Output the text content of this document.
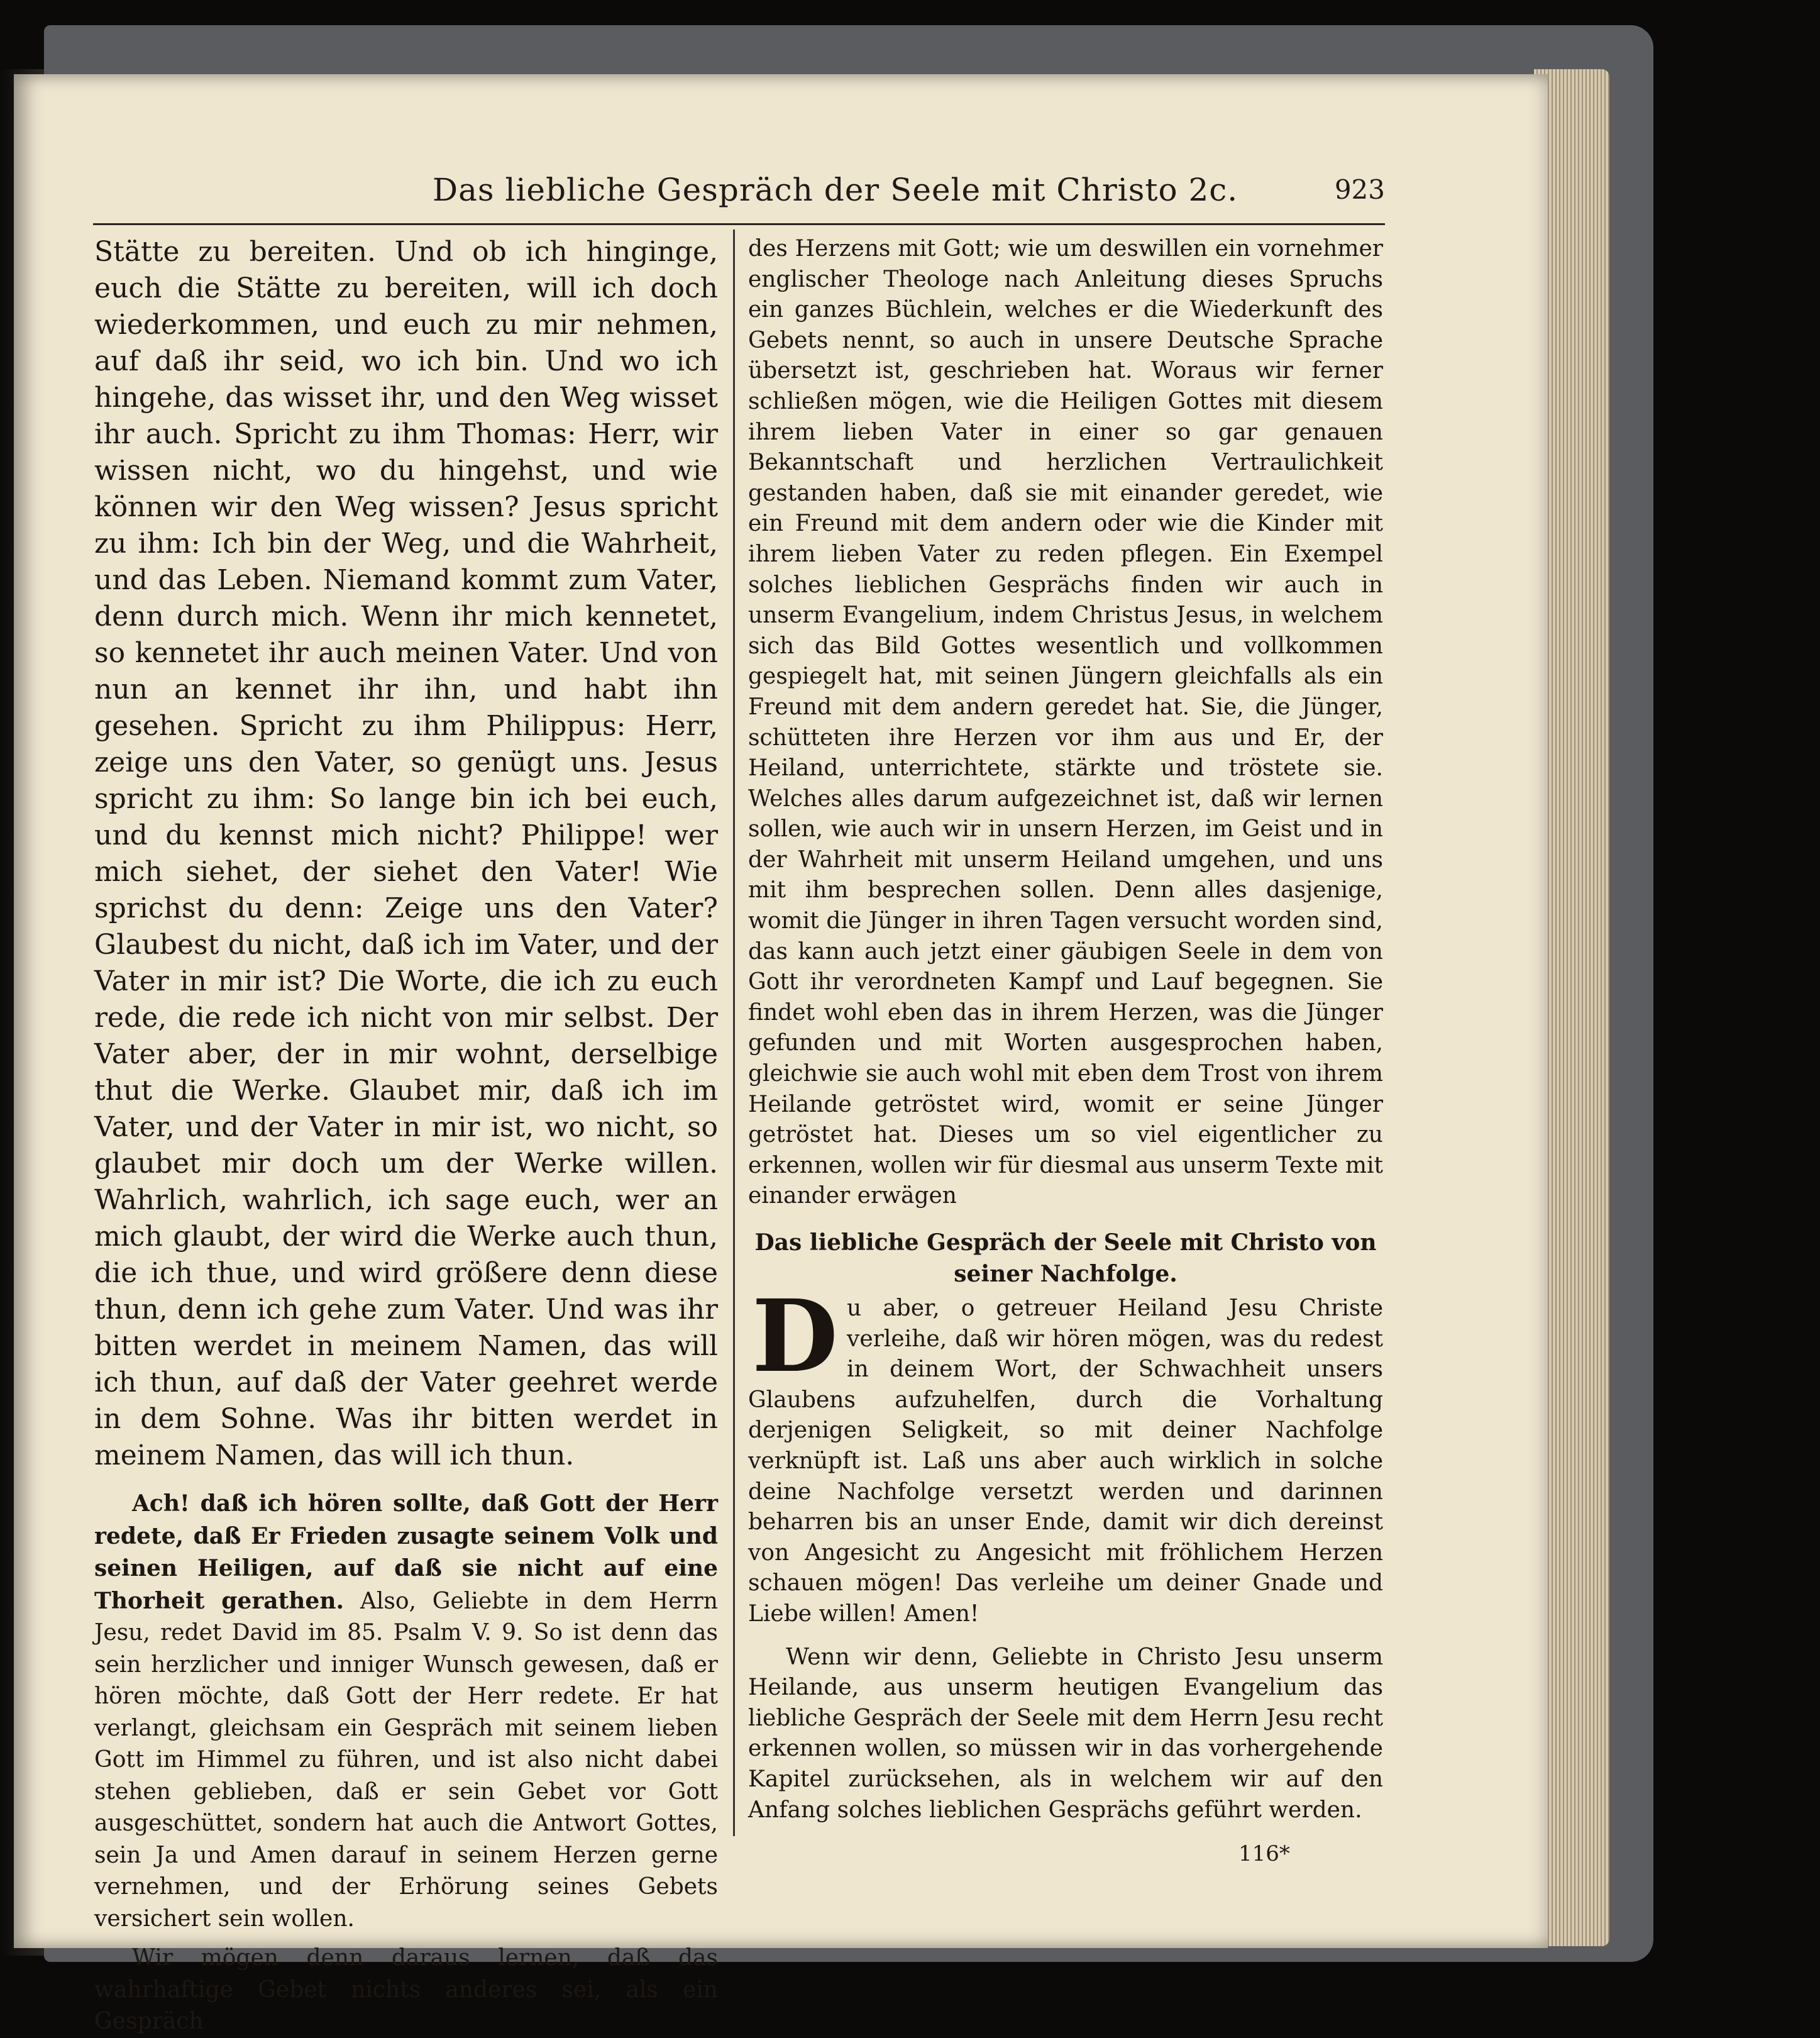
Das liebliche Gespräch der Seele mit Christo 2c.	923

Stätte zu bereiten. Und ob ich hinginge, euch die Stätte zu bereiten, will ich doch wiederkommen, und euch zu mir nehmen, auf daß ihr seid, wo ich bin. Und wo ich hingehe, das wisset ihr, und den Weg wisset ihr auch. Spricht zu ihm Thomas: Herr, wir wissen nicht, wo du hingehst, und wie können wir den Weg wissen? Jesus spricht zu ihm: Ich bin der Weg, und die Wahrheit, und das Leben. Niemand kommt zum Vater, denn durch mich. Wenn ihr mich kennetet, so kennetet ihr auch meinen Vater. Und von nun an kennet ihr ihn, und habt ihn gesehen. Spricht zu ihm Philippus: Herr, zeige uns den Vater, so genügt uns. Jesus spricht zu ihm: So lange bin ich bei euch, und du kennst mich nicht? Philippe! wer mich siehet, der siehet den Vater! Wie sprichst du denn: Zeige uns den Vater? Glaubest du nicht, daß ich im Vater, und der Vater in mir ist? Die Worte, die ich zu euch rede, die rede ich nicht von mir selbst. Der Vater aber, der in mir wohnt, derselbige thut die Werke. Glaubet mir, daß ich im Vater, und der Vater in mir ist, wo nicht, so glaubet mir doch um der Werke willen. Wahrlich, wahrlich, ich sage euch, wer an mich glaubt, der wird die Werke auch thun, die ich thue, und wird größere denn diese thun, denn ich gehe zum Vater. Und was ihr bitten werdet in meinem Namen, das will ich thun, auf daß der Vater geehret werde in dem Sohne. Was ihr bitten werdet in meinem Namen, das will ich thun.

Ach! daß ich hören sollte, daß Gott der Herr redete, daß Er Frieden zusagte seinem Volk und seinen Heiligen, auf daß sie nicht auf eine Thorheit gerathen. Also, Geliebte in dem Herrn Jesu, redet David im 85. Psalm V. 9. So ist denn das sein herzlicher und inniger Wunsch gewesen, daß er hören möchte, daß Gott der Herr redete. Er hat verlangt, gleichsam ein Gespräch mit seinem lieben Gott im Himmel zu führen, und ist also nicht dabei stehen geblieben, daß er sein Gebet vor Gott ausgeschüttet, sondern hat auch die Antwort Gottes, sein Ja und Amen darauf in seinem Herzen gerne vernehmen, und der Erhörung seines Gebets versichert sein wollen.

Wir mögen denn daraus lernen, daß das wahrhaftige Gebet nichts anderes sei, als ein Gespräch

des Herzens mit Gott; wie um deswillen ein vornehmer englischer Theologe nach Anleitung dieses Spruchs ein ganzes Büchlein, welches er die Wiederkunft des Gebets nennt, so auch in unsere Deutsche Sprache übersetzt ist, geschrieben hat. Woraus wir ferner schließen mögen, wie die Heiligen Gottes mit diesem ihrem lieben Vater in einer so gar genauen Bekanntschaft und herzlichen Vertraulichkeit gestanden haben, daß sie mit einander geredet, wie ein Freund mit dem andern oder wie die Kinder mit ihrem lieben Vater zu reden pflegen. Ein Exempel solches lieblichen Gesprächs finden wir auch in unserm Evangelium, indem Christus Jesus, in welchem sich das Bild Gottes wesentlich und vollkommen gespiegelt hat, mit seinen Jüngern gleichfalls als ein Freund mit dem andern geredet hat. Sie, die Jünger, schütteten ihre Herzen vor ihm aus und Er, der Heiland, unterrichtete, stärkte und tröstete sie. Welches alles darum aufgezeichnet ist, daß wir lernen sollen, wie auch wir in unsern Herzen, im Geist und in der Wahrheit mit unserm Heiland umgehen, und uns mit ihm besprechen sollen. Denn alles dasjenige, womit die Jünger in ihren Tagen versucht worden sind, das kann auch jetzt einer gäubigen Seele in dem von Gott ihr verordneten Kampf und Lauf begegnen. Sie findet wohl eben das in ihrem Herzen, was die Jünger gefunden und mit Worten ausgesprochen haben, gleichwie sie auch wohl mit eben dem Trost von ihrem Heilande getröstet wird, womit er seine Jünger getröstet hat. Dieses um so viel eigentlicher zu erkennen, wollen wir für diesmal aus unserm Texte mit einander erwägen

Das liebliche Gespräch der Seele mit Christo von seiner Nachfolge.

Du aber, o getreuer Heiland Jesu Christe verleihe, daß wir hören mögen, was du redest in deinem Wort, der Schwachheit unsers Glaubens aufzuhelfen, durch die Vorhaltung derjenigen Seligkeit, so mit deiner Nachfolge verknüpft ist. Laß uns aber auch wirklich in solche deine Nachfolge versetzt werden und darinnen beharren bis an unser Ende, damit wir dich dereinst von Angesicht zu Angesicht mit fröhlichem Herzen schauen mögen! Das verleihe um deiner Gnade und Liebe willen! Amen!

Wenn wir denn, Geliebte in Christo Jesu unserm Heilande, aus unserm heutigen Evangelium das liebliche Gespräch der Seele mit dem Herrn Jesu recht erkennen wollen, so müssen wir in das vorhergehende Kapitel zurücksehen, als in welchem wir auf den Anfang solches lieblichen Gesprächs geführt werden.

116*
